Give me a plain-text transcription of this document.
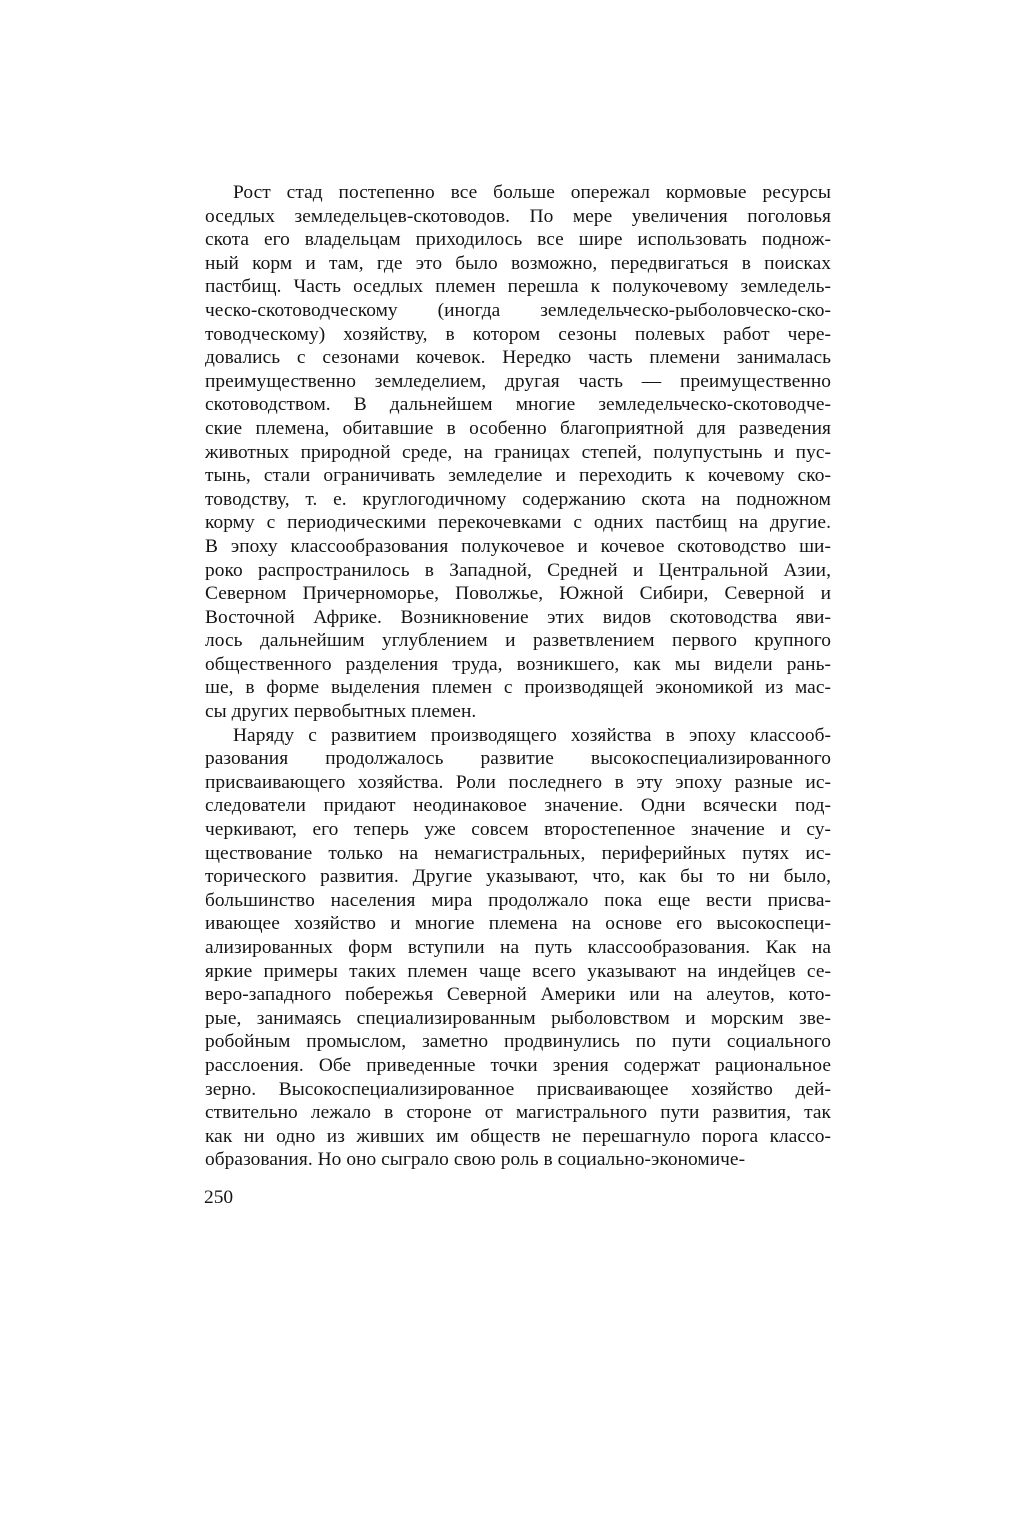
Рост стад постепенно все больше опережал кормовые ресурсы
оседлых земледельцев-скотоводов. По мере увеличения поголовья
скота его владельцам приходилось все шире использовать поднож-
ный корм и там, где это было возможно, передвигаться в поисках
пастбищ. Часть оседлых племен перешла к полукочевому земледель-
ческо-скотоводческому (иногда земледельческо-рыболовческо-ско-
товодческому) хозяйству, в котором сезоны полевых работ чере-
довались с сезонами кочевок. Нередко часть племени занималась
преимущественно земледелием, другая часть — преимущественно
скотоводством. В дальнейшем многие земледельческо-скотоводче-
ские племена, обитавшие в особенно благоприятной для разведения
животных природной среде, на границах степей, полупустынь и пус-
тынь, стали ограничивать земледелие и переходить к кочевому ско-
товодству, т. е. круглогодичному содержанию скота на подножном
корму с периодическими перекочевками с одних пастбищ на другие.
В эпоху классообразования полукочевое и кочевое скотоводство ши-
роко распространилось в Западной, Средней и Центральной Азии,
Северном Причерноморье, Поволжье, Южной Сибири, Северной и
Восточной Африке. Возникновение этих видов скотоводства яви-
лось дальнейшим углублением и разветвлением первого крупного
общественного разделения труда, возникшего, как мы видели рань-
ше, в форме выделения племен с производящей экономикой из мас-
сы других первобытных племен.
Наряду с развитием производящего хозяйства в эпоху классооб-
разования продолжалось развитие высокоспециализированного
присваивающего хозяйства. Роли последнего в эту эпоху разные ис-
следователи придают неодинаковое значение. Одни всячески под-
черкивают, его теперь уже совсем второстепенное значение и су-
ществование только на немагистральных, периферийных путях ис-
торического развития. Другие указывают, что, как бы то ни было,
большинство населения мира продолжало пока еще вести присва-
ивающее хозяйство и многие племена на основе его высокоспеци-
ализированных форм вступили на путь классообразования. Как на
яркие примеры таких племен чаще всего указывают на индейцев се-
веро-западного побережья Северной Америки или на алеутов, кото-
рые, занимаясь специализированным рыболовством и морским зве-
робойным промыслом, заметно продвинулись по пути социального
расслоения. Обе приведенные точки зрения содержат рациональное
зерно. Высокоспециализированное присваивающее хозяйство дей-
ствительно лежало в стороне от магистрального пути развития, так
как ни одно из живших им обществ не перешагнуло порога классо-
образования. Но оно сыграло свою роль в социально-экономиче-
250
